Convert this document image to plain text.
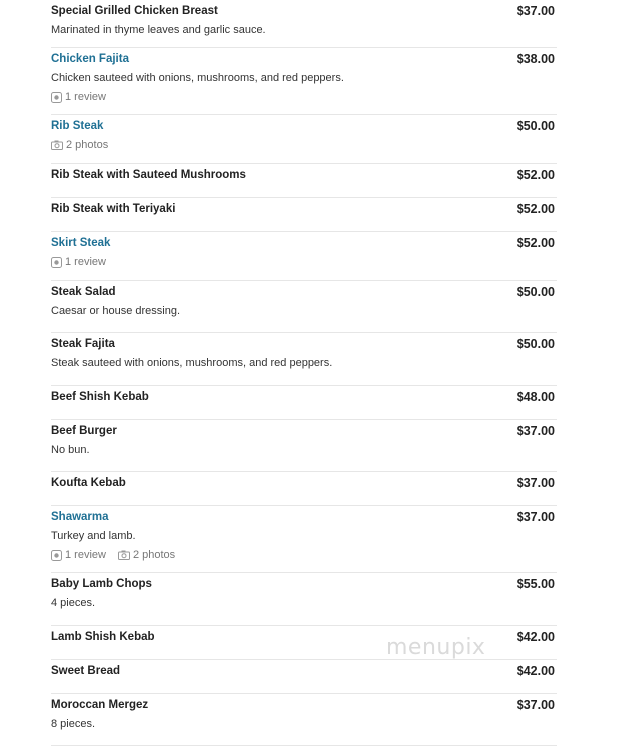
Special Grilled Chicken Breast	$37.00
Marinated in thyme leaves and garlic sauce.
Chicken Fajita	$38.00
Chicken sauteed with onions, mushrooms, and red peppers.
1 review
Rib Steak	$50.00
2 photos
Rib Steak with Sauteed Mushrooms	$52.00
Rib Steak with Teriyaki	$52.00
Skirt Steak	$52.00
1 review
Steak Salad	$50.00
Caesar or house dressing.
Steak Fajita	$50.00
Steak sauteed with onions, mushrooms, and red peppers.
Beef Shish Kebab	$48.00
Beef Burger	$37.00
No bun.
Koufta Kebab	$37.00
Shawarma	$37.00
Turkey and lamb.
1 review 2 photos
Baby Lamb Chops	$55.00
4 pieces.
Lamb Shish Kebab	$42.00
Sweet Bread	$42.00
Moroccan Mergez	$37.00
8 pieces.
menupix
